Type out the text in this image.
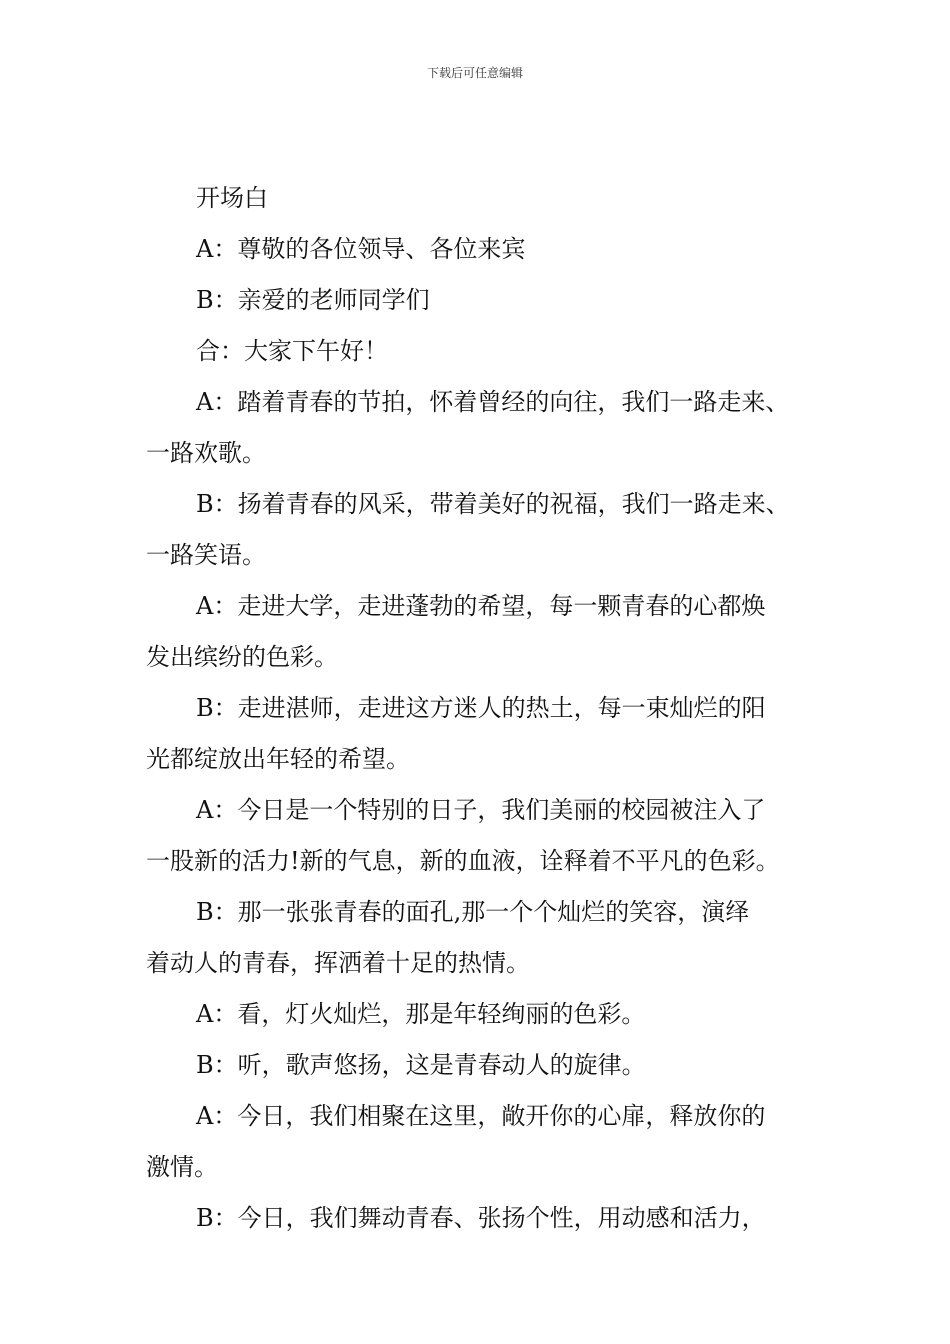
下载后可任意编辑
开场白
A：尊敬的各位领导、各位来宾
B：亲爱的老师同学们
合：大家下午好！
A：踏着青春的节拍，怀着曾经的向往，我们一路走来、
一路欢歌。
B：扬着青春的风采，带着美好的祝福，我们一路走来、
一路笑语。
A：走进大学，走进蓬勃的希望，每一颗青春的心都焕
发出缤纷的色彩。
B：走进湛师，走进这方迷人的热土，每一束灿烂的阳
光都绽放出年轻的希望。
A：今日是一个特别的日子，我们美丽的校园被注入了
一股新的活力!新的气息，新的血液，诠释着不平凡的色彩。
B：那一张张青春的面孔,那一个个灿烂的笑容，演绎
着动人的青春，挥洒着十足的热情。
A：看，灯火灿烂，那是年轻绚丽的色彩。
B：听，歌声悠扬，这是青春动人的旋律。
A：今日，我们相聚在这里，敞开你的心扉，释放你的
激情。
B：今日，我们舞动青春、张扬个性，用动感和活力，
